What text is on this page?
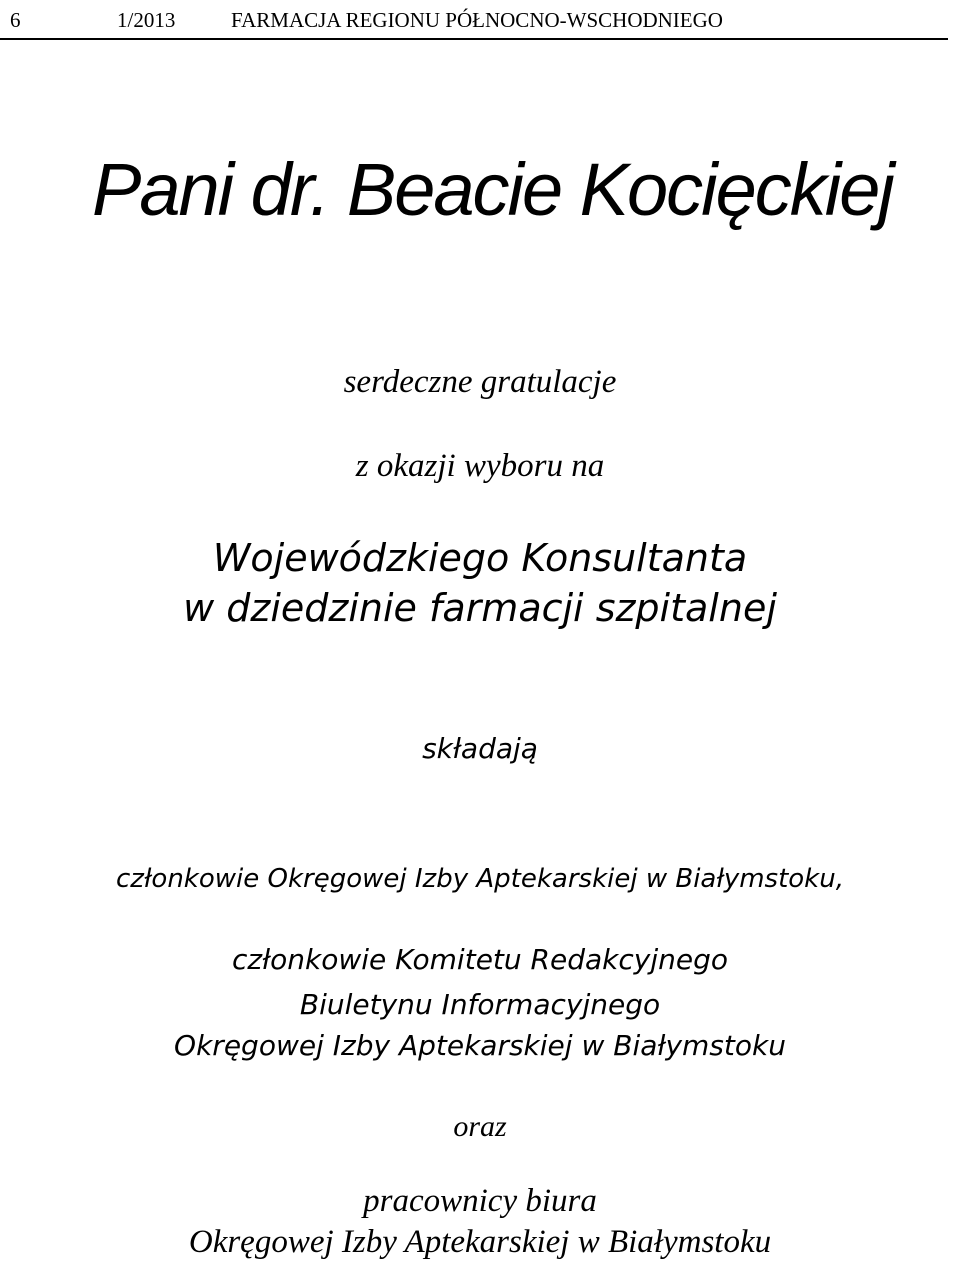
6	1/2013	FARMACJA REGIONU PÓŁNOCNO-WSCHODNIEGO
Pani dr. Beacie Kocięckiej
serdeczne gratulacje
z okazji wyboru na
Wojewódzkiego Konsultanta
w dziedzinie farmacji szpitalnej
składają
członkowie Okręgowej Izby Aptekarskiej w Białymstoku,
członkowie Komitetu Redakcyjnego
Biuletynu Informacyjnego
Okręgowej Izby Aptekarskiej w Białymstoku
oraz
pracownicy biura
Okręgowej Izby Aptekarskiej w Białymstoku
